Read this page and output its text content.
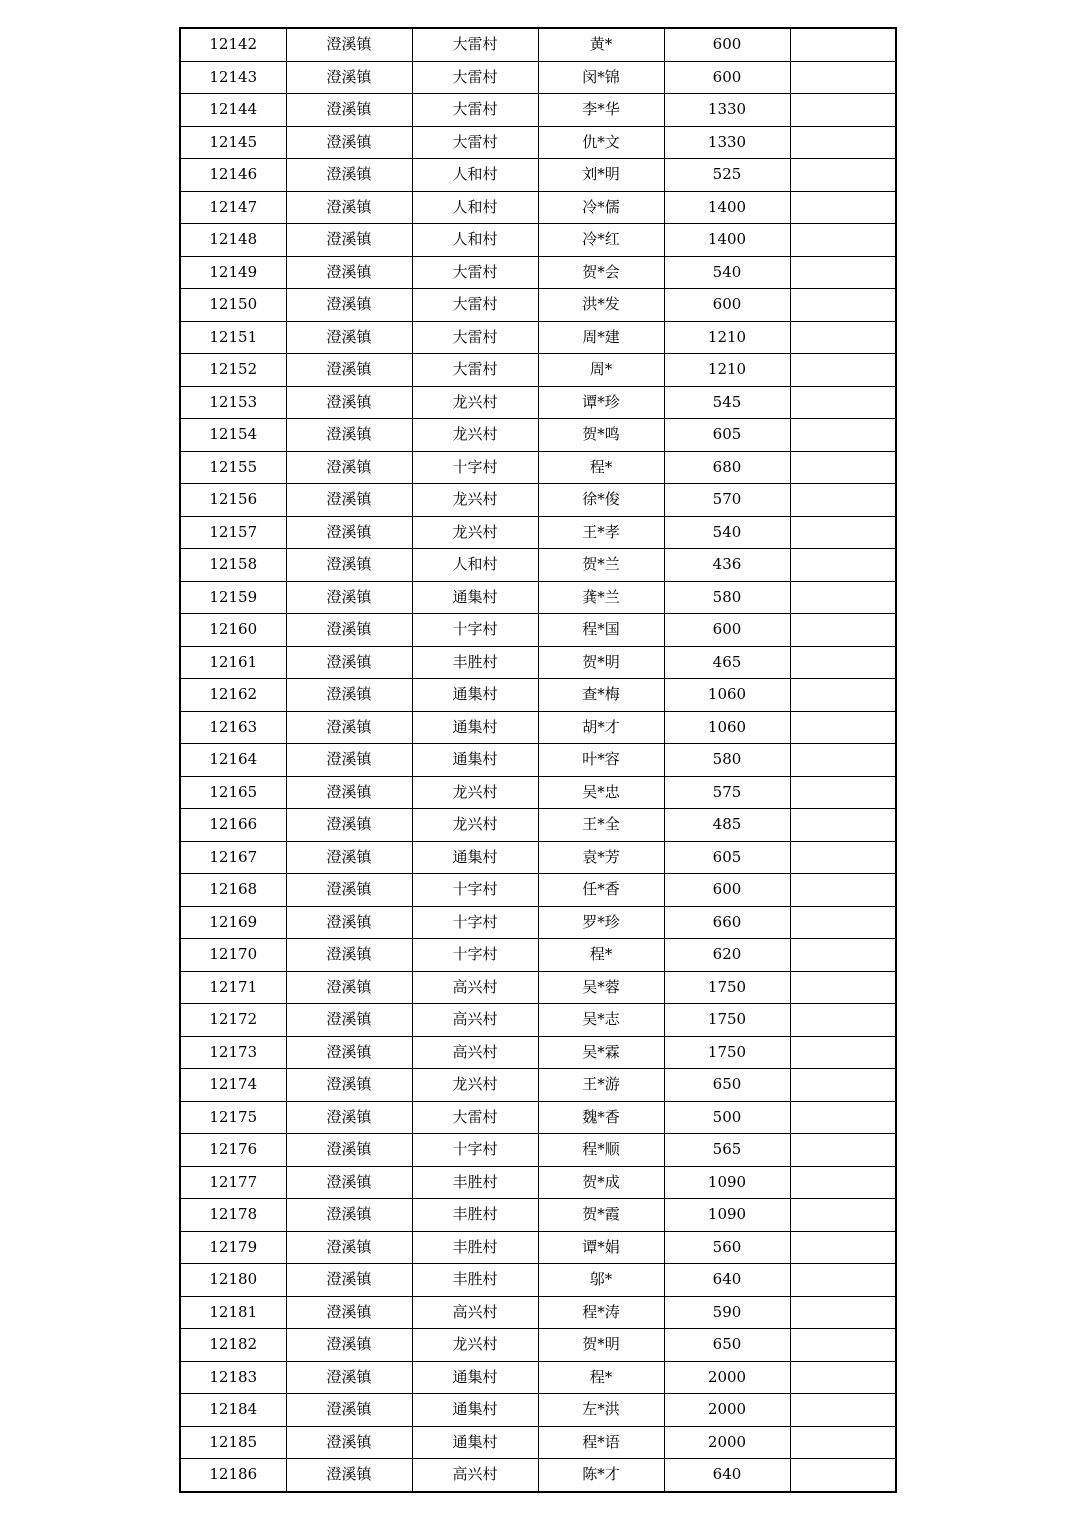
12142	澄溪镇	大雷村	黄*	600	
12143	澄溪镇	大雷村	闵*锦	600	
12144	澄溪镇	大雷村	李*华	1330	
12145	澄溪镇	大雷村	仇*文	1330	
12146	澄溪镇	人和村	刘*明	525	
12147	澄溪镇	人和村	冷*儒	1400	
12148	澄溪镇	人和村	冷*红	1400	
12149	澄溪镇	大雷村	贺*会	540	
12150	澄溪镇	大雷村	洪*发	600	
12151	澄溪镇	大雷村	周*建	1210	
12152	澄溪镇	大雷村	周*	1210	
12153	澄溪镇	龙兴村	谭*珍	545	
12154	澄溪镇	龙兴村	贺*鸣	605	
12155	澄溪镇	十字村	程*	680	
12156	澄溪镇	龙兴村	徐*俊	570	
12157	澄溪镇	龙兴村	王*孝	540	
12158	澄溪镇	人和村	贺*兰	436	
12159	澄溪镇	通集村	龚*兰	580	
12160	澄溪镇	十字村	程*国	600	
12161	澄溪镇	丰胜村	贺*明	465	
12162	澄溪镇	通集村	查*梅	1060	
12163	澄溪镇	通集村	胡*才	1060	
12164	澄溪镇	通集村	叶*容	580	
12165	澄溪镇	龙兴村	吴*忠	575	
12166	澄溪镇	龙兴村	王*全	485	
12167	澄溪镇	通集村	袁*芳	605	
12168	澄溪镇	十字村	任*香	600	
12169	澄溪镇	十字村	罗*珍	660	
12170	澄溪镇	十字村	程*	620	
12171	澄溪镇	高兴村	吴*蓉	1750	
12172	澄溪镇	高兴村	吴*志	1750	
12173	澄溪镇	高兴村	吴*霖	1750	
12174	澄溪镇	龙兴村	王*游	650	
12175	澄溪镇	大雷村	魏*香	500	
12176	澄溪镇	十字村	程*顺	565	
12177	澄溪镇	丰胜村	贺*成	1090	
12178	澄溪镇	丰胜村	贺*霞	1090	
12179	澄溪镇	丰胜村	谭*娟	560	
12180	澄溪镇	丰胜村	邬*	640	
12181	澄溪镇	高兴村	程*涛	590	
12182	澄溪镇	龙兴村	贺*明	650	
12183	澄溪镇	通集村	程*	2000	
12184	澄溪镇	通集村	左*洪	2000	
12185	澄溪镇	通集村	程*语	2000	
12186	澄溪镇	高兴村	陈*才	640	
